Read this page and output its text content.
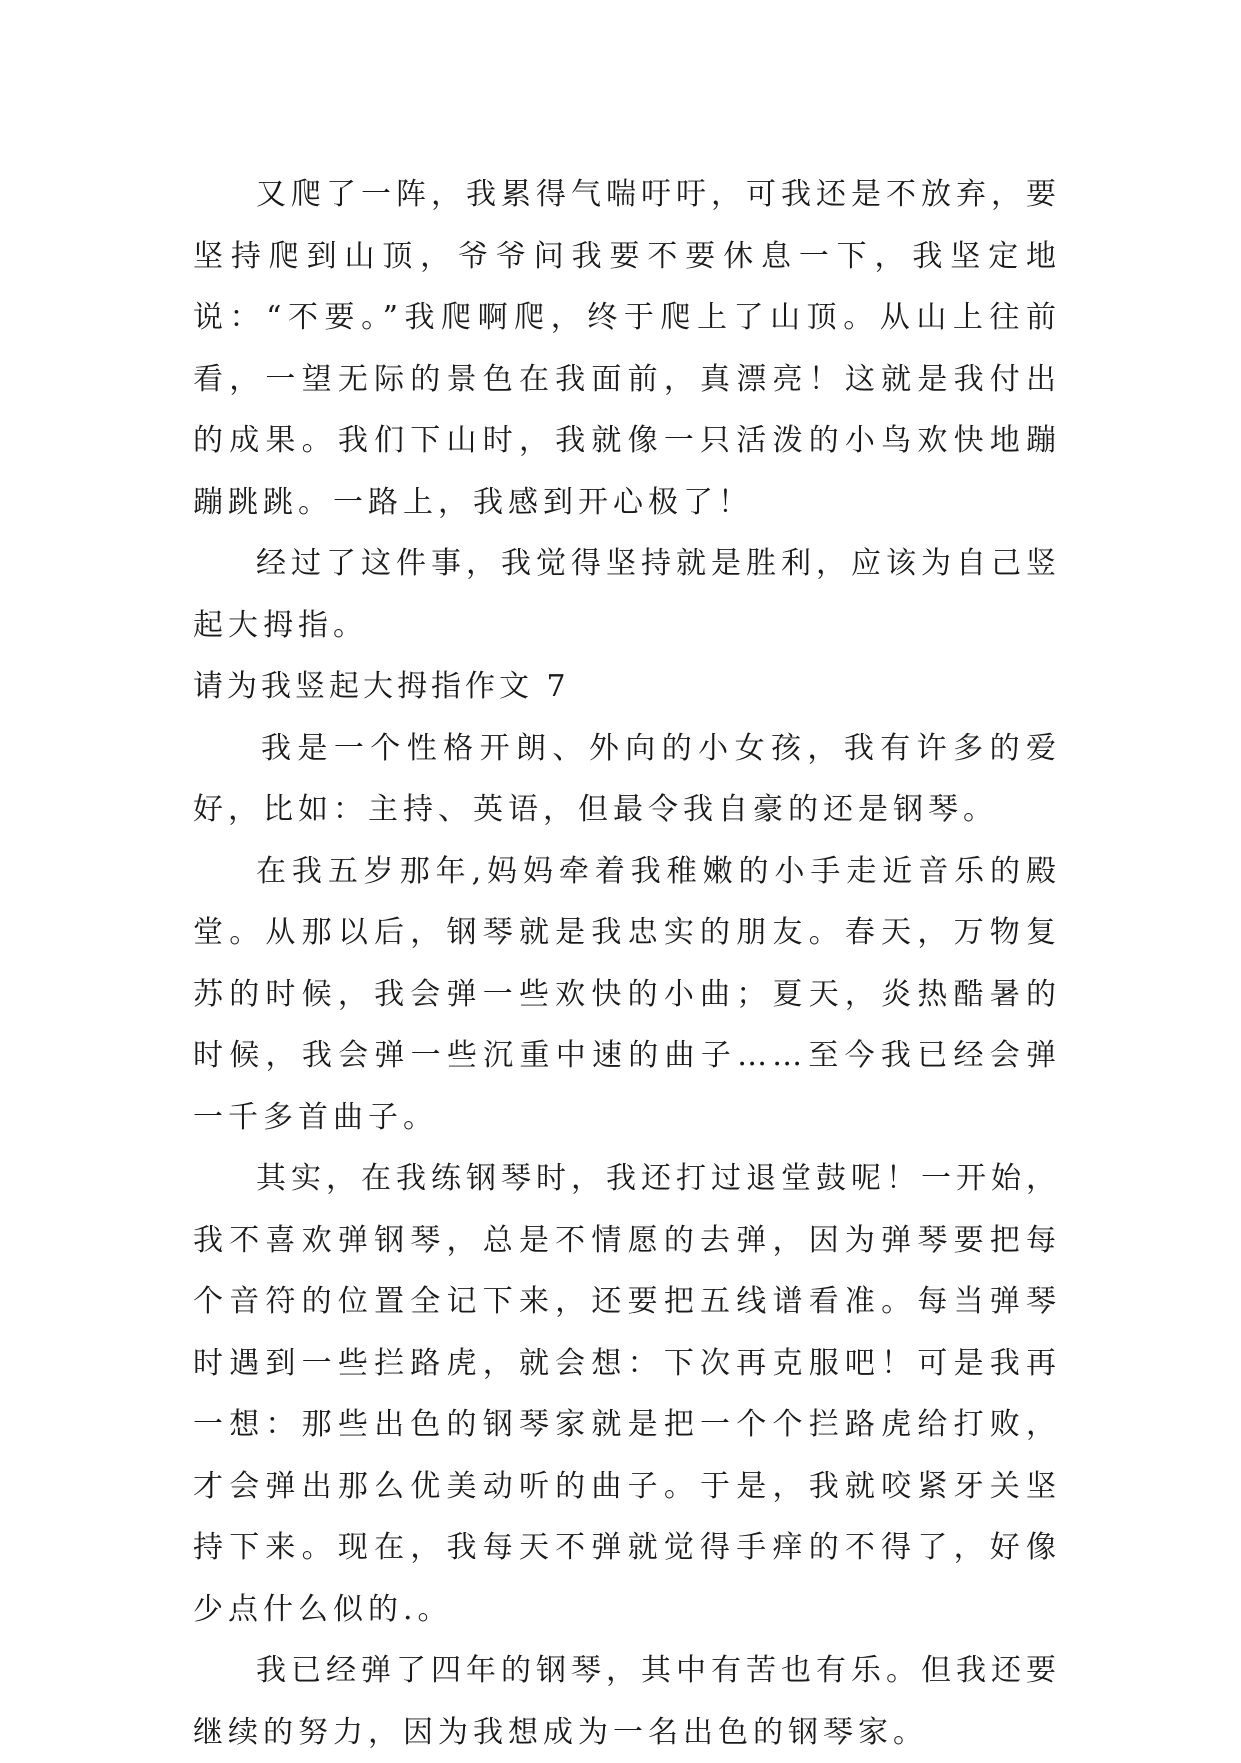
又爬了一阵，我累得气喘吁吁，可我还是不放弃，要坚持爬到山顶，爷爷问我要不要休息一下，我坚定地说：“不要。”我爬啊爬，终于爬上了山顶。从山上往前看，一望无际的景色在我面前，真漂亮！这就是我付出的成果。我们下山时，我就像一只活泼的小鸟欢快地蹦蹦跳跳。一路上，我感到开心极了！

经过了这件事，我觉得坚持就是胜利，应该为自己竖起大拇指。

请为我竖起大拇指作文 7

我是一个性格开朗、外向的小女孩，我有许多的爱好，比如：主持、英语，但最令我自豪的还是钢琴。

在我五岁那年,妈妈牵着我稚嫩的小手走近音乐的殿堂。从那以后，钢琴就是我忠实的朋友。春天，万物复苏的时候，我会弹一些欢快的小曲；夏天，炎热酷暑的时候，我会弹一些沉重中速的曲子……至今我已经会弹一千多首曲子。

其实，在我练钢琴时，我还打过退堂鼓呢！一开始，我不喜欢弹钢琴，总是不情愿的去弹，因为弹琴要把每个音符的位置全记下来，还要把五线谱看准。每当弹琴时遇到一些拦路虎，就会想：下次再克服吧！可是我再一想：那些出色的钢琴家就是把一个个拦路虎给打败，才会弹出那么优美动听的曲子。于是，我就咬紧牙关坚持下来。现在，我每天不弹就觉得手痒的不得了，好像少点什么似的.。

我已经弹了四年的钢琴，其中有苦也有乐。但我还要继续的努力，因为我想成为一名出色的钢琴家。
